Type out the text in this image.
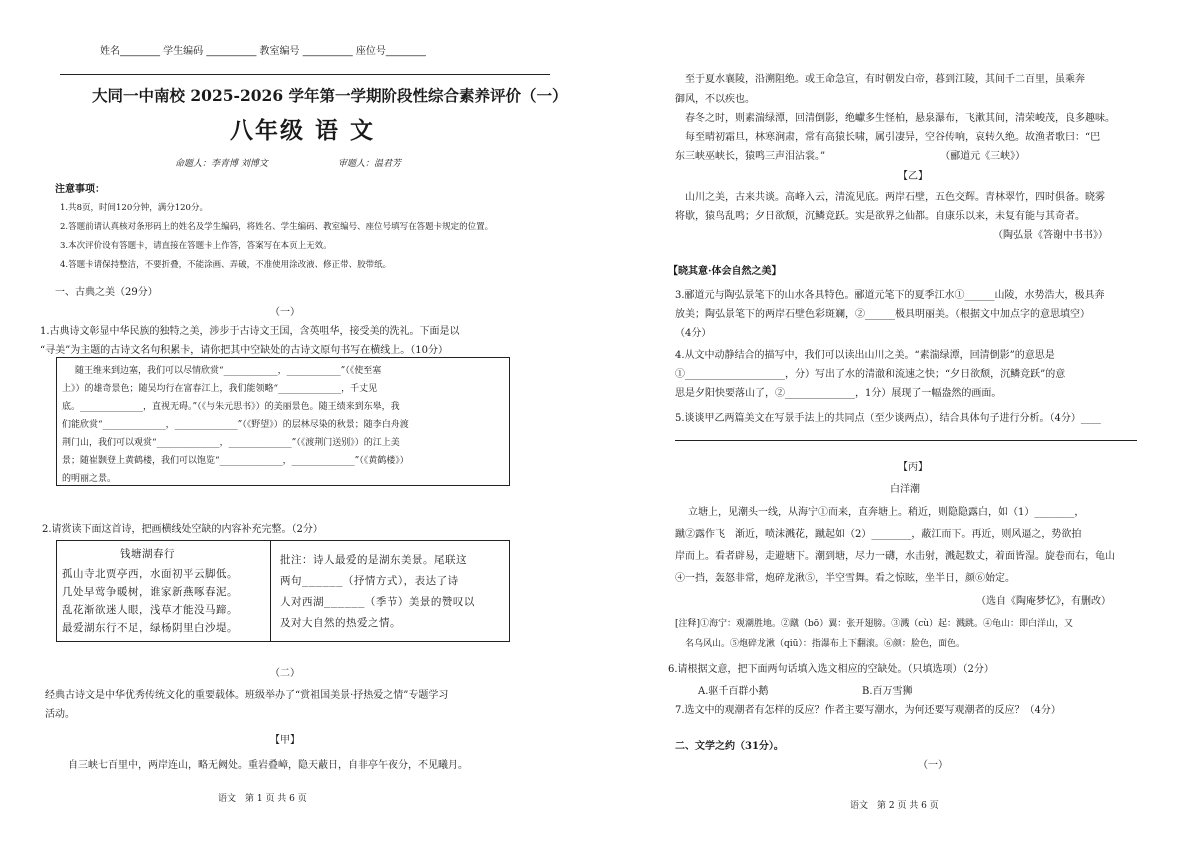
姓名________ 学生编码 __________ 教室编号 __________ 座位号________
大同一中南校 2025-2026 学年第一学期阶段性综合素养评价（一）
八年级 语 文
命题人：李青博 刘博文	审题人：温君芳
注意事项：
1.共8页，时间120分钟，满分120分。
2.答题前请认真核对条形码上的姓名及学生编码，将姓名、学生编码、教室编号、座位号填写在答题卡规定的位置。
3.本次评价设有答题卡，请直接在答题卡上作答，答案写在本页上无效。
4.答题卡请保持整洁，不要折叠，不能涂画、弄破，不准使用涂改液、修正带、胶带纸。
一、古典之美（29分）
（一）
1.古典诗文彰显中华民族的独特之美，涉步于古诗文王国，含英咀华，接受美的洗礼。下面是以
“寻美”为主题的古诗文名句积累卡，请你把其中空缺处的古诗文原句书写在横线上。（10分）
随王维来到边塞，我们可以尽情欣赏“____________，____________”（《使至塞
上》）的雄奇景色；随吴均行在富春江上，我们能领略“______________，千丈见
底。______________，直视无碍。”（《与朱元思书》）的美丽景色。随王绩来到东皋，我
们能欣赏“______________，______________”（《野望》）的层林尽染的秋景；随李白舟渡
荆门山，我们可以观赏“______________，______________”（《渡荆门送别》）的江上美
景；随崔颢登上黄鹤楼，我们可以饱览“______________，______________”（《黄鹤楼》）
的明丽之景。
2.请赏读下面这首诗，把画横线处空缺的内容补充完整。（2分）
钱塘湖春行
孤山寺北贾亭西，水面初平云脚低。
几处早莺争暖树，谁家新燕啄春泥。
乱花渐欲迷人眼，浅草才能没马蹄。
最爱湖东行不足，绿杨阴里白沙堤。
批注：诗人最爱的是湖东美景。尾联这
两句______（抒情方式），表达了诗
人对西湖______（季节）美景的赞叹以
及对大自然的热爱之情。
（二）
经典古诗文是中华优秀传统文化的重要载体。班级举办了“赏祖国美景·抒热爱之情”专题学习
活动。
【甲】
自三峡七百里中，两岸连山，略无阙处。重岩叠嶂，隐天蔽日，自非亭午夜分，不见曦月。
语文　第 1 页 共 6 页
至于夏水襄陵，沿溯阻绝。或王命急宣，有时朝发白帝，暮到江陵，其间千二百里，虽乘奔
御风，不以疾也。
春冬之时，则素湍绿潭，回清倒影，绝巘多生怪柏，悬泉瀑布，飞漱其间，清荣峻茂，良多趣味。
每至晴初霜旦，林寒涧肃，常有高猿长啸，属引凄异，空谷传响，哀转久绝。故渔者歌曰：“巴
东三峡巫峡长，猿鸣三声泪沾裳。”　　　　　　　　　　　　（郦道元《三峡》）
【乙】
山川之美，古来共谈。高峰入云，清流见底。两岸石壁，五色交辉。青林翠竹，四时俱备。晓雾
将歇，猿鸟乱鸣；夕日欲颓，沉鳞竞跃。实是欲界之仙都。自康乐以来，未复有能与其奇者。
（陶弘景《答谢中书书》）
【晓其意·体会自然之美】
3.郦道元与陶弘景笔下的山水各具特色。郦道元笔下的夏季江水①______山陵，水势浩大，极具奔
放美；陶弘景笔下的两岸石壁色彩斑斓，②______极具明丽美。（根据文中加点字的意思填空）
（4分）
4.从文中动静结合的描写中，我们可以读出山川之美。“素湍绿潭，回清倒影”的意思是
①____________________，分）写出了水的清澈和流速之快；“夕日欲颓，沉鳞竞跃”的意
思是夕阳快要落山了，②______________，1分）展现了一幅盎然的画面。
5.谈谈甲乙两篇美文在写景手法上的共同点（至少谈两点），结合具体句子进行分析。（4分）____
【丙】
白洋潮
立塘上，见潮头一线，从海宁①而来，直奔塘上。稍近，则隐隐露白，如（1）________，
蹴②露作飞　渐近，喷沫溅花，蹴起如（2）________，蔽江而下。再近，则风逼之，势欲拍
岸而上。看者辟易，走避塘下。潮到塘，尽力一礴，水击射，溅起数丈，着面皆湿。旋卷而右，龟山
④一挡，轰怒非常，炮碎龙湫⑤，半空雪舞。看之惊眩，坐半日，颜⑥始定。
（选自《陶庵梦忆》，有删改）
[注释]①海宁：观潮胜地。②蹴（bō）翼：张开翅膀。③溅（cù）起：溅跳。④龟山：即白洋山，又
名乌风山。⑤炮碎龙湫（qiū）：指瀑布上下翻滚。⑥颜：脸色，面色。
6.请根据文意，把下面两句话填入选文相应的空缺处。（只填选项）（2分）
A.驱千百群小鹅	B.百万雪狮
7.选文中的观潮者有怎样的反应？作者主要写潮水，为何还要写观潮者的反应？（4分）
二、文学之约（31分）。
（一）
语文　第 2 页 共 6 页
